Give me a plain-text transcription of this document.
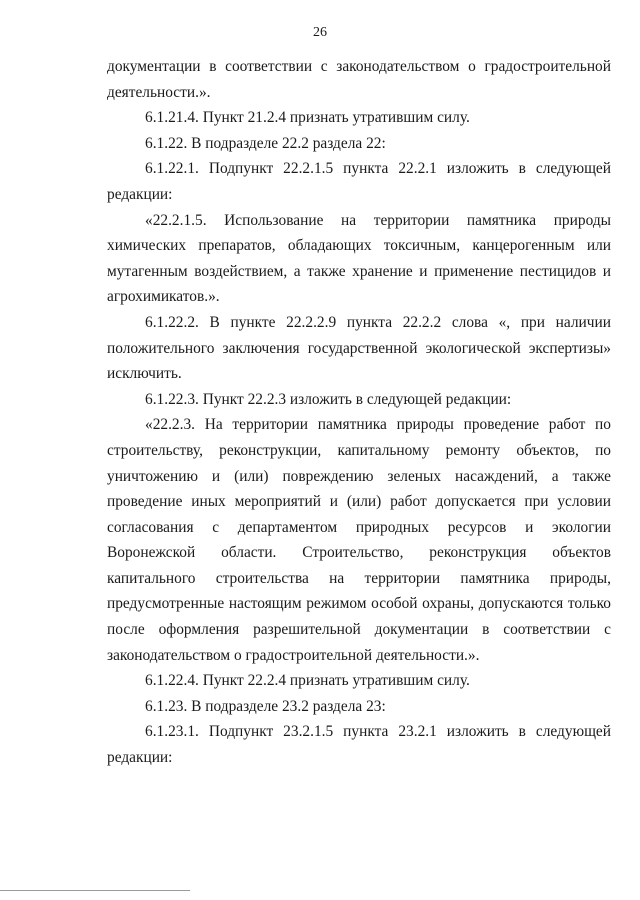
26

документации в соответствии с законодательством о градостроительной деятельности.».

6.1.21.4. Пункт 21.2.4 признать утратившим силу.

6.1.22. В подразделе 22.2 раздела 22:

6.1.22.1. Подпункт 22.2.1.5 пункта 22.2.1 изложить в следующей редакции:

«22.2.1.5. Использование на территории памятника природы химических препаратов, обладающих токсичным, канцерогенным или мутагенным воздействием, а также хранение и применение пестицидов и агрохимикатов.».

6.1.22.2. В пункте 22.2.2.9 пункта 22.2.2 слова «, при наличии положительного заключения государственной экологической экспертизы» исключить.

6.1.22.3. Пункт 22.2.3 изложить в следующей редакции:

«22.2.3. На территории памятника природы проведение работ по строительству, реконструкции, капитальному ремонту объектов, по уничтожению и (или) повреждению зеленых насаждений, а также проведение иных мероприятий и (или) работ допускается при условии согласования с департаментом природных ресурсов и экологии Воронежской области. Строительство, реконструкция объектов капитального строительства на территории памятника природы, предусмотренные настоящим режимом особой охраны, допускаются только после оформления разрешительной документации в соответствии с законодательством о градостроительной деятельности.».

6.1.22.4. Пункт 22.2.4 признать утратившим силу.

6.1.23. В подразделе 23.2 раздела 23:

6.1.23.1. Подпункт 23.2.1.5 пункта 23.2.1 изложить в следующей редакции:
